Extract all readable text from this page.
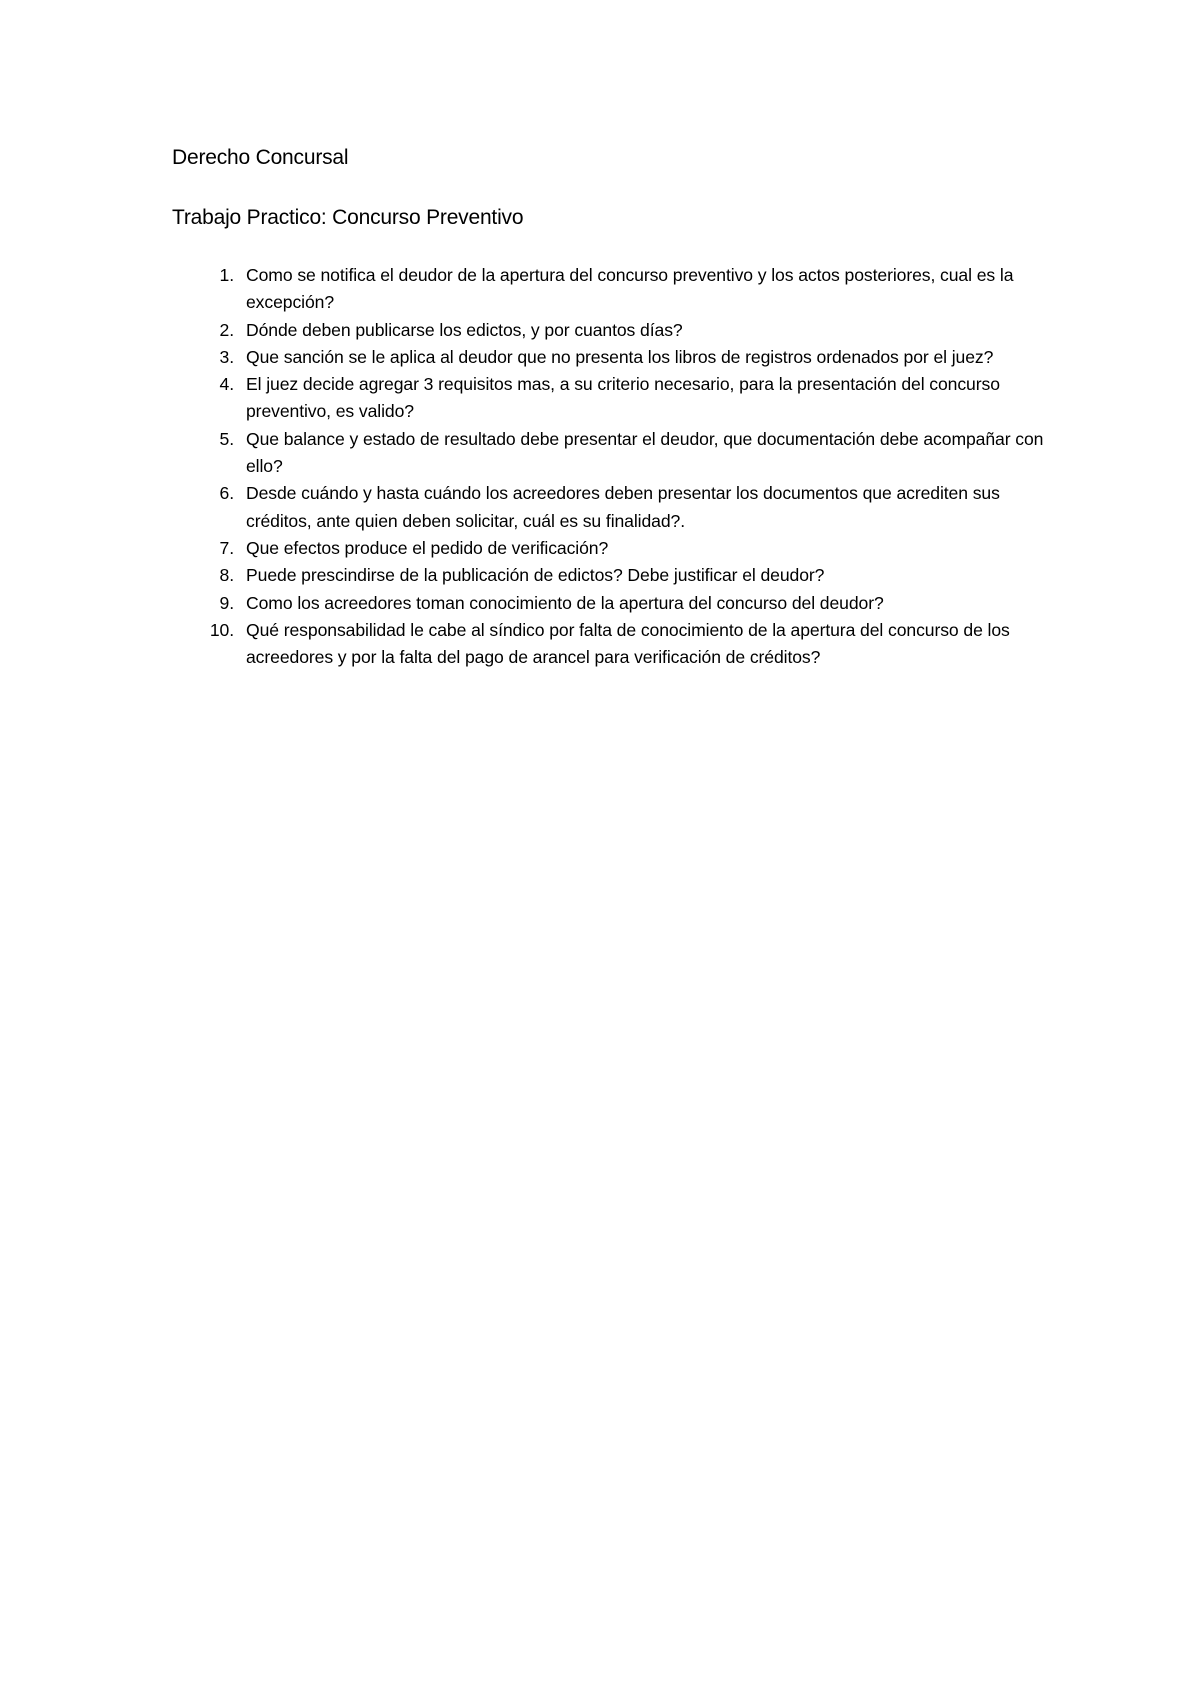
Derecho Concursal
Trabajo Practico: Concurso Preventivo
1. Como se notifica el deudor de la apertura del concurso preventivo y los actos posteriores, cual es la excepción?
2. Dónde deben publicarse los edictos, y por cuantos días?
3. Que sanción se le aplica al deudor que no presenta los libros de registros ordenados por el juez?
4. El juez decide agregar 3 requisitos mas, a su criterio necesario, para la presentación del concurso preventivo, es valido?
5. Que balance y estado de resultado debe presentar el deudor, que documentación debe acompañar con ello?
6. Desde cuándo y hasta cuándo los acreedores deben presentar los documentos que acrediten sus créditos, ante quien deben solicitar, cuál es su finalidad?.
7. Que efectos produce el pedido de verificación?
8. Puede prescindirse de la publicación de edictos? Debe justificar el deudor?
9. Como los acreedores toman conocimiento de la apertura del concurso del deudor?
10. Qué responsabilidad le cabe al síndico por falta de conocimiento de la apertura del concurso de los acreedores y por la falta del pago de arancel para verificación de créditos?
